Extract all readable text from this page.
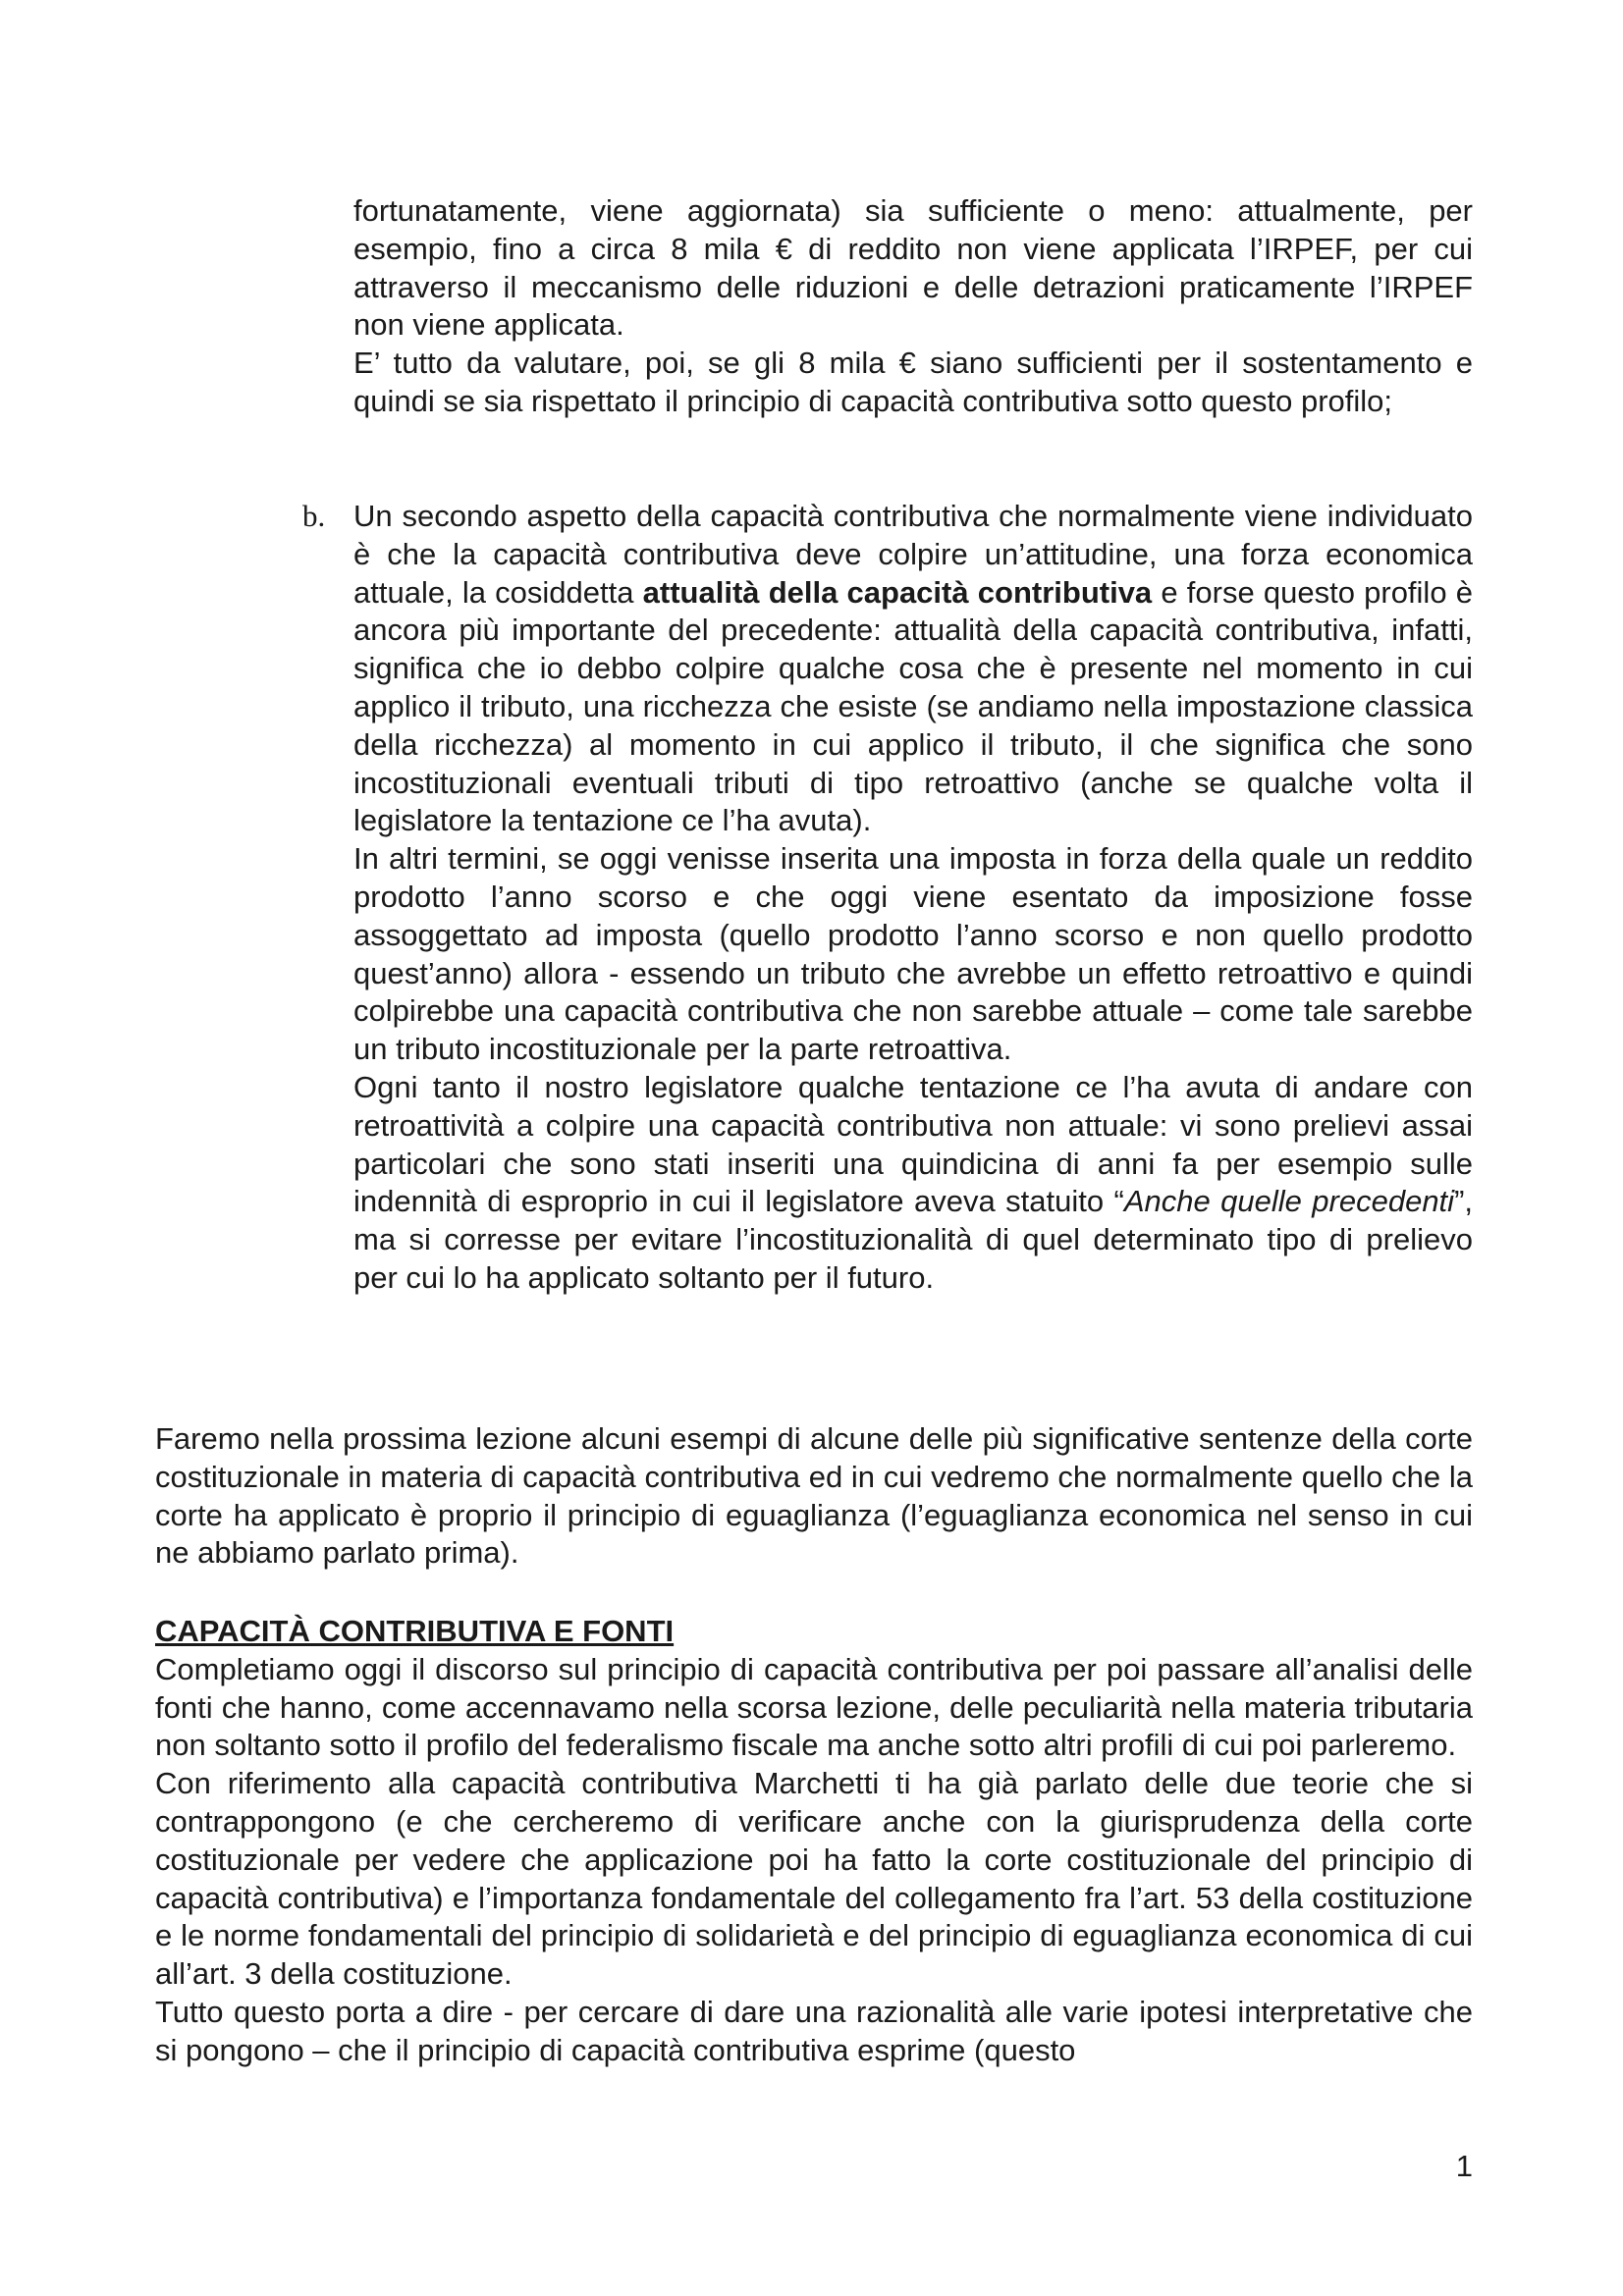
fortunatamente, viene aggiornata) sia sufficiente o meno: attualmente, per esempio, fino a circa 8 mila € di reddito non viene applicata l’IRPEF, per cui attraverso il meccanismo delle riduzioni e delle detrazioni praticamente l’IRPEF non viene applicata.

E’ tutto da valutare, poi, se gli 8 mila € siano sufficienti per il sostentamento e quindi se sia rispettato il principio di capacità contributiva sotto questo profilo;

b. Un secondo aspetto della capacità contributiva che normalmente viene individuato è che la capacità contributiva deve colpire un’attitudine, una forza economica attuale, la cosiddetta attualità della capacità contributiva e forse questo profilo è ancora più importante del precedente: attualità della capacità contributiva, infatti, significa che io debbo colpire qualche cosa che è presente nel momento in cui applico il tributo, una ricchezza che esiste (se andiamo nella impostazione classica della ricchezza) al momento in cui applico il tributo, il che significa che sono incostituzionali eventuali tributi di tipo retroattivo (anche se qualche volta il legislatore la tentazione ce l’ha avuta).

In altri termini, se oggi venisse inserita una imposta in forza della quale un reddito prodotto l’anno scorso e che oggi viene esentato da imposizione fosse assoggettato ad imposta (quello prodotto l’anno scorso e non quello prodotto quest’anno) allora - essendo un tributo che avrebbe un effetto retroattivo e quindi colpirebbe una capacità contributiva che non sarebbe attuale – come tale sarebbe un tributo incostituzionale per la parte retroattiva.

Ogni tanto il nostro legislatore qualche tentazione ce l’ha avuta di andare con retroattività a colpire una capacità contributiva non attuale: vi sono prelievi assai particolari che sono stati inseriti una quindicina di anni fa per esempio sulle indennità di esproprio in cui il legislatore aveva statuito “Anche quelle precedenti”, ma si corresse per evitare l’incostituzionalità di quel determinato tipo di prelievo per cui lo ha applicato soltanto per il futuro.

Faremo nella prossima lezione alcuni esempi di alcune delle più significative sentenze della corte costituzionale in materia di capacità contributiva ed in cui vedremo che normalmente quello che la corte ha applicato è proprio il principio di eguaglianza (l’eguaglianza economica nel senso in cui ne abbiamo parlato prima).

CAPACITÀ CONTRIBUTIVA E FONTI

Completiamo oggi il discorso sul principio di capacità contributiva per poi passare all’analisi delle fonti che hanno, come accennavamo nella scorsa lezione, delle peculiarità nella materia tributaria non soltanto sotto il profilo del federalismo fiscale ma anche sotto altri profili di cui poi parleremo.

Con riferimento alla capacità contributiva Marchetti ti ha già parlato delle due teorie che si contrappongono (e che cercheremo di verificare anche con la giurisprudenza della corte costituzionale per vedere che applicazione poi ha fatto la corte costituzionale del principio di capacità contributiva) e l’importanza fondamentale del collegamento fra l’art. 53 della costituzione e le norme fondamentali del principio di solidarietà e del principio di eguaglianza economica di cui all’art. 3 della costituzione.

Tutto questo porta a dire - per cercare di dare una razionalità alle varie ipotesi interpretative che si pongono – che il principio di capacità contributiva esprime (questo

1
